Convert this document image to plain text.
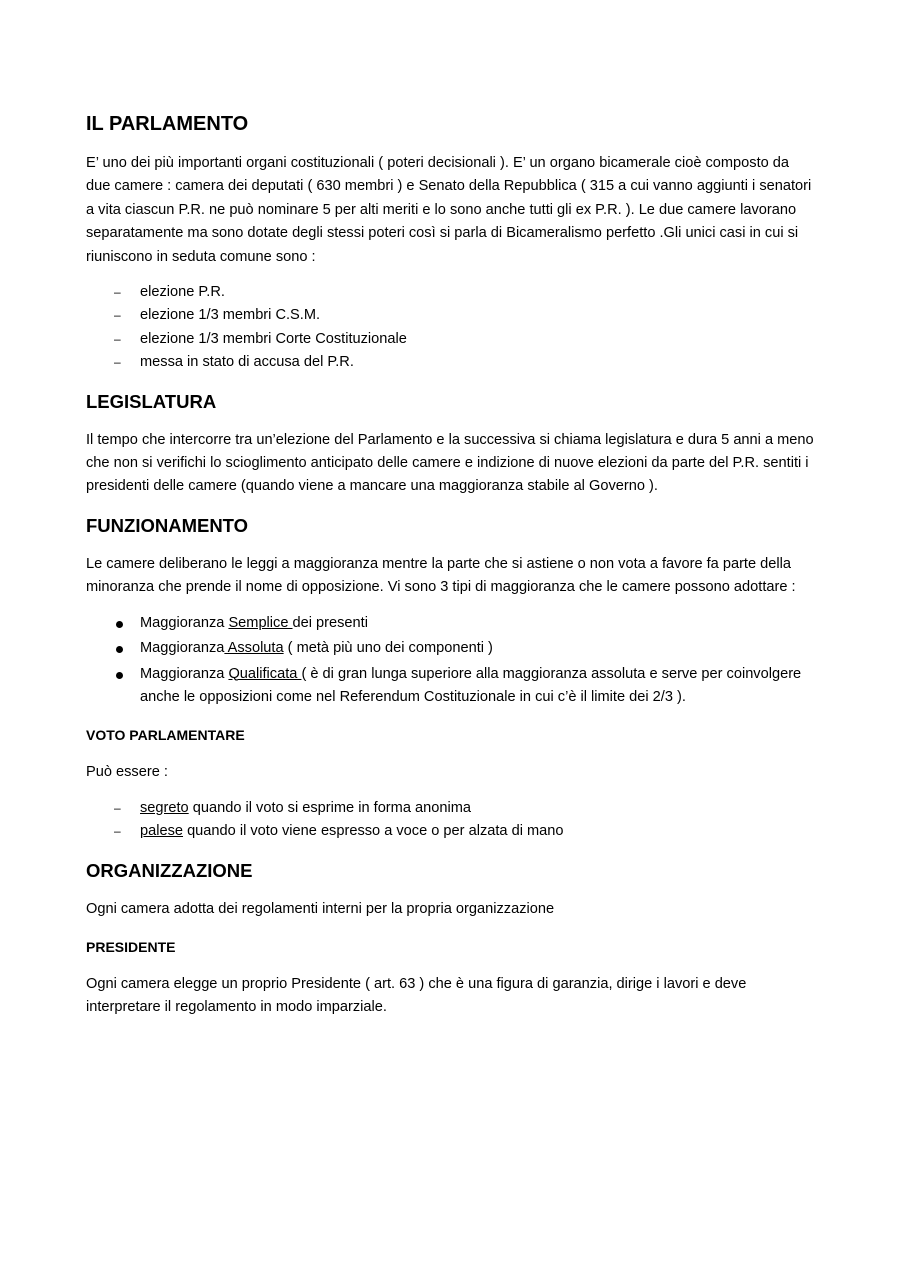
IL PARLAMENTO

E’ uno dei più importanti organi costituzionali ( poteri decisionali ). E’ un organo bicamerale cioè composto da due camere : camera dei deputati ( 630 membri ) e Senato della Repubblica ( 315 a cui vanno aggiunti i senatori a vita ciascun P.R. ne può nominare 5 per alti meriti e lo sono anche tutti gli ex P.R. ). Le due camere lavorano separatamente ma sono dotate degli stessi poteri così si parla di Bicameralismo perfetto .Gli unici casi in cui si riuniscono in seduta comune sono :

– elezione P.R.
– elezione 1/3 membri C.S.M.
– elezione 1/3 membri Corte Costituzionale
– messa in stato di accusa del P.R.
LEGISLATURA

Il tempo che intercorre tra un’elezione del Parlamento e la successiva si chiama legislatura e dura 5 anni a meno che non si verifichi lo scioglimento anticipato delle camere e indizione di nuove elezioni da parte del P.R. sentiti i presidenti delle camere (quando viene a mancare una maggioranza stabile al Governo ).

FUNZIONAMENTO

Le camere deliberano le leggi a maggioranza mentre la parte che si astiene o non vota a favore fa parte della minoranza che prende il nome di opposizione. Vi sono 3 tipi di maggioranza che le camere possono adottare :

Maggioranza Semplice dei presenti
Maggioranza Assoluta ( metà più uno dei componenti )
Maggioranza Qualificata ( è di gran lunga superiore alla maggioranza assoluta e serve per coinvolgere anche le opposizioni come nel Referendum Costituzionale in cui c’è il limite dei 2/3 ).
VOTO PARLAMENTARE

Può essere :

– segreto quando il voto si esprime in forma anonima
– palese quando il voto viene espresso a voce o per alzata di mano
ORGANIZZAZIONE

Ogni camera adotta dei regolamenti interni per la propria organizzazione

PRESIDENTE

Ogni camera elegge un proprio Presidente ( art. 63 ) che è una figura di garanzia, dirige i lavori e deve interpretare il regolamento in modo imparziale.
